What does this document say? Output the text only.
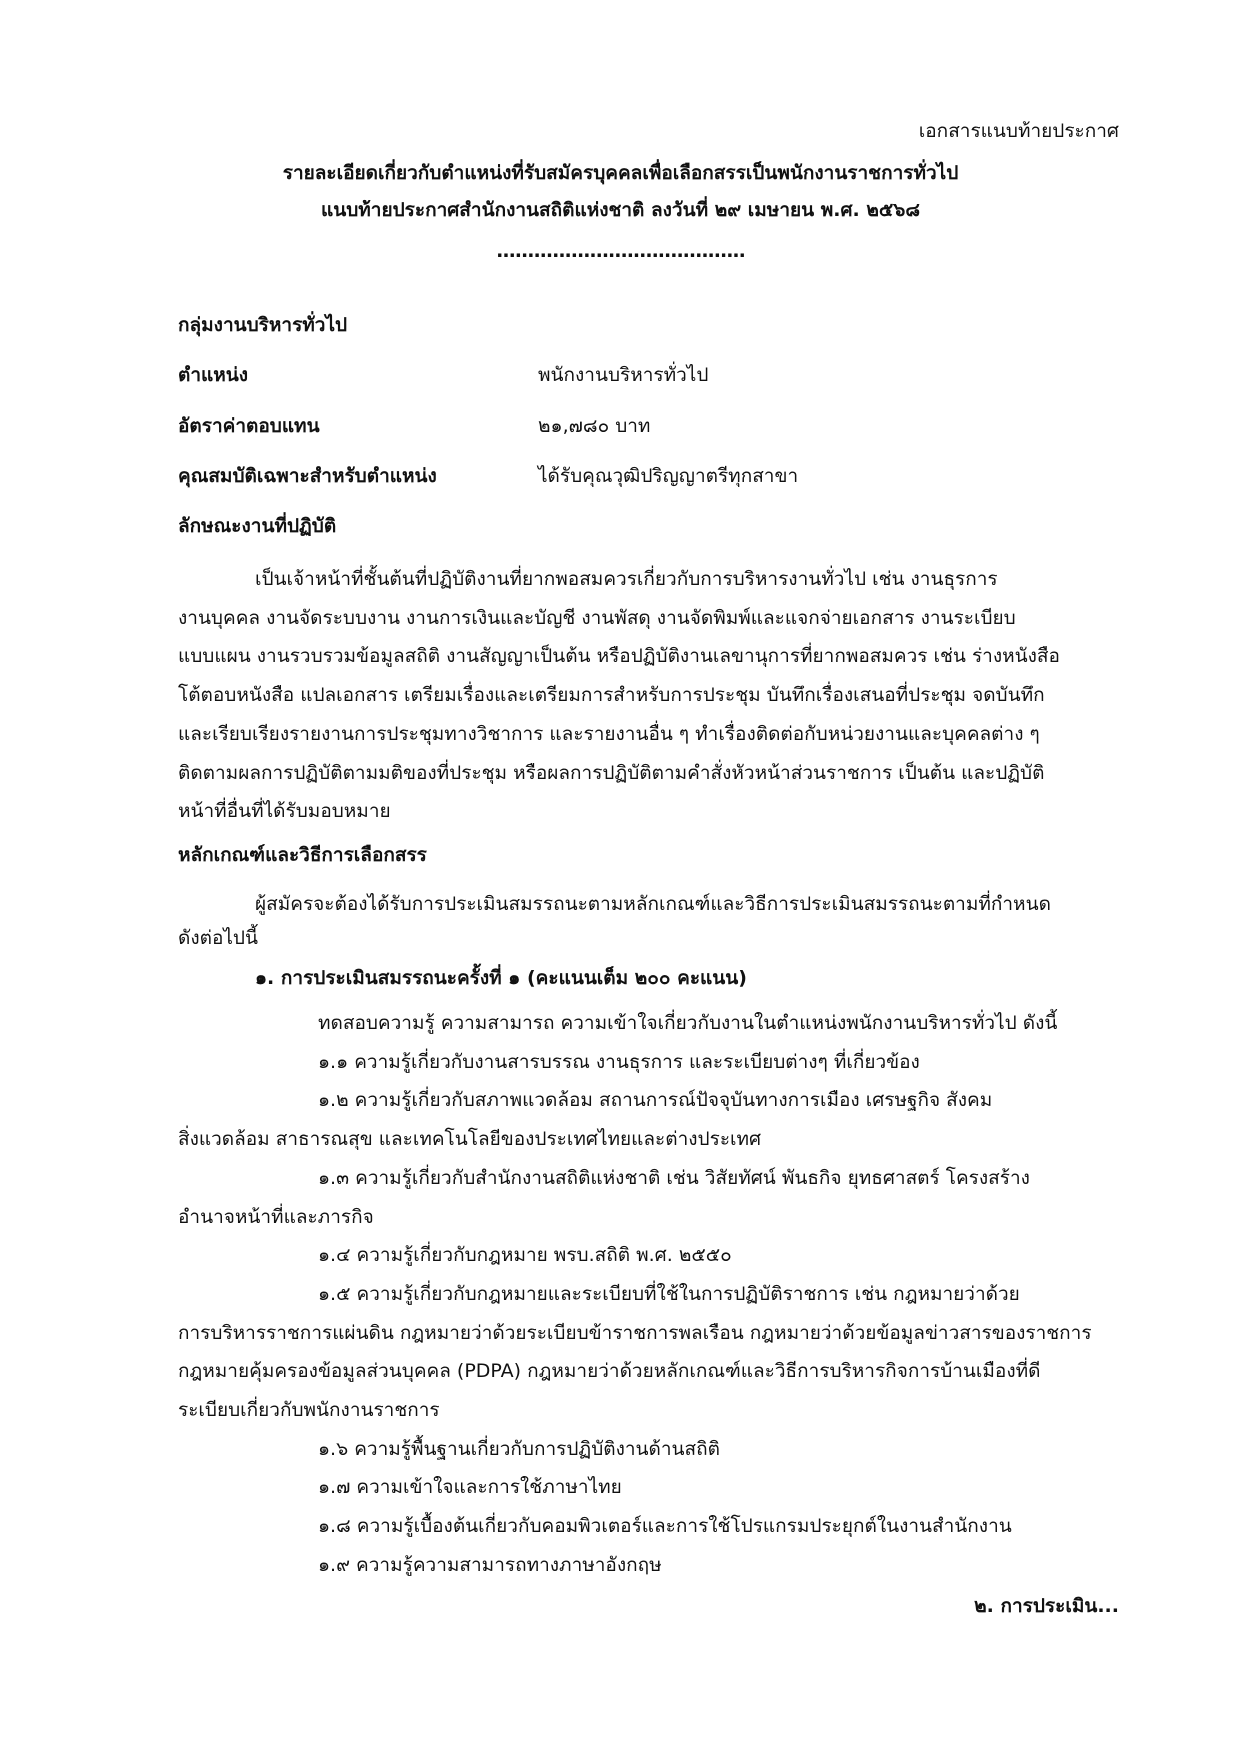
เอกสารแนบท้ายประกาศ
รายละเอียดเกี่ยวกับตำแหน่งที่รับสมัครบุคคลเพื่อเลือกสรรเป็นพนักงานราชการทั่วไป
แนบท้ายประกาศสำนักงานสถิติแห่งชาติ ลงวันที่ ๒๙ เมษายน พ.ศ. ๒๕๖๘
........................................
กลุ่มงานบริหารทั่วไป
ตำแหน่ง	พนักงานบริหารทั่วไป
อัตราค่าตอบแทน	๒๑,๗๘๐ บาท
คุณสมบัติเฉพาะสำหรับตำแหน่ง	ได้รับคุณวุฒิปริญญาตรีทุกสาขา
ลักษณะงานที่ปฏิบัติ

เป็นเจ้าหน้าที่ชั้นต้นที่ปฏิบัติงานที่ยากพอสมควรเกี่ยวกับการบริหารงานทั่วไป เช่น งานธุรการ

งานบุคคล งานจัดระบบงาน งานการเงินและบัญชี งานพัสดุ งานจัดพิมพ์และแจกจ่ายเอกสาร งานระเบียบ

แบบแผน งานรวบรวมข้อมูลสถิติ งานสัญญาเป็นต้น หรือปฏิบัติงานเลขานุการที่ยากพอสมควร เช่น ร่างหนังสือ

โต้ตอบหนังสือ แปลเอกสาร เตรียมเรื่องและเตรียมการสำหรับการประชุม บันทึกเรื่องเสนอที่ประชุม จดบันทึก

และเรียบเรียงรายงานการประชุมทางวิชาการ และรายงานอื่น ๆ ทำเรื่องติดต่อกับหน่วยงานและบุคคลต่าง ๆ

ติดตามผลการปฏิบัติตามมติของที่ประชุม หรือผลการปฏิบัติตามคำสั่งหัวหน้าส่วนราชการ เป็นต้น และปฏิบัติ

หน้าที่อื่นที่ได้รับมอบหมาย

หลักเกณฑ์และวิธีการเลือกสรร

ผู้สมัครจะต้องได้รับการประเมินสมรรถนะตามหลักเกณฑ์และวิธีการประเมินสมรรถนะตามที่กำหนด

ดังต่อไปนี้

๑. การประเมินสมรรถนะครั้งที่ ๑ (คะแนนเต็ม ๒๐๐ คะแนน)

ทดสอบความรู้ ความสามารถ ความเข้าใจเกี่ยวกับงานในตำแหน่งพนักงานบริหารทั่วไป ดังนี้

๑.๑ ความรู้เกี่ยวกับงานสารบรรณ งานธุรการ และระเบียบต่างๆ ที่เกี่ยวข้อง

๑.๒ ความรู้เกี่ยวกับสภาพแวดล้อม สถานการณ์ปัจจุบันทางการเมือง เศรษฐกิจ สังคม

สิ่งแวดล้อม สาธารณสุข และเทคโนโลยีของประเทศไทยและต่างประเทศ

๑.๓ ความรู้เกี่ยวกับสำนักงานสถิติแห่งชาติ เช่น วิสัยทัศน์ พันธกิจ ยุทธศาสตร์ โครงสร้าง

อำนาจหน้าที่และภารกิจ

๑.๔ ความรู้เกี่ยวกับกฎหมาย พรบ.สถิติ พ.ศ. ๒๕๕๐

๑.๕ ความรู้เกี่ยวกับกฎหมายและระเบียบที่ใช้ในการปฏิบัติราชการ เช่น กฎหมายว่าด้วย

การบริหารราชการแผ่นดิน กฎหมายว่าด้วยระเบียบข้าราชการพลเรือน กฎหมายว่าด้วยข้อมูลข่าวสารของราชการ

กฎหมายคุ้มครองข้อมูลส่วนบุคคล (PDPA) กฎหมายว่าด้วยหลักเกณฑ์และวิธีการบริหารกิจการบ้านเมืองที่ดี

ระเบียบเกี่ยวกับพนักงานราชการ

๑.๖ ความรู้พื้นฐานเกี่ยวกับการปฏิบัติงานด้านสถิติ

๑.๗ ความเข้าใจและการใช้ภาษาไทย

๑.๘ ความรู้เบื้องต้นเกี่ยวกับคอมพิวเตอร์และการใช้โปรแกรมประยุกต์ในงานสำนักงาน

๑.๙ ความรู้ความสามารถทางภาษาอังกฤษ

๒. การประเมิน...
